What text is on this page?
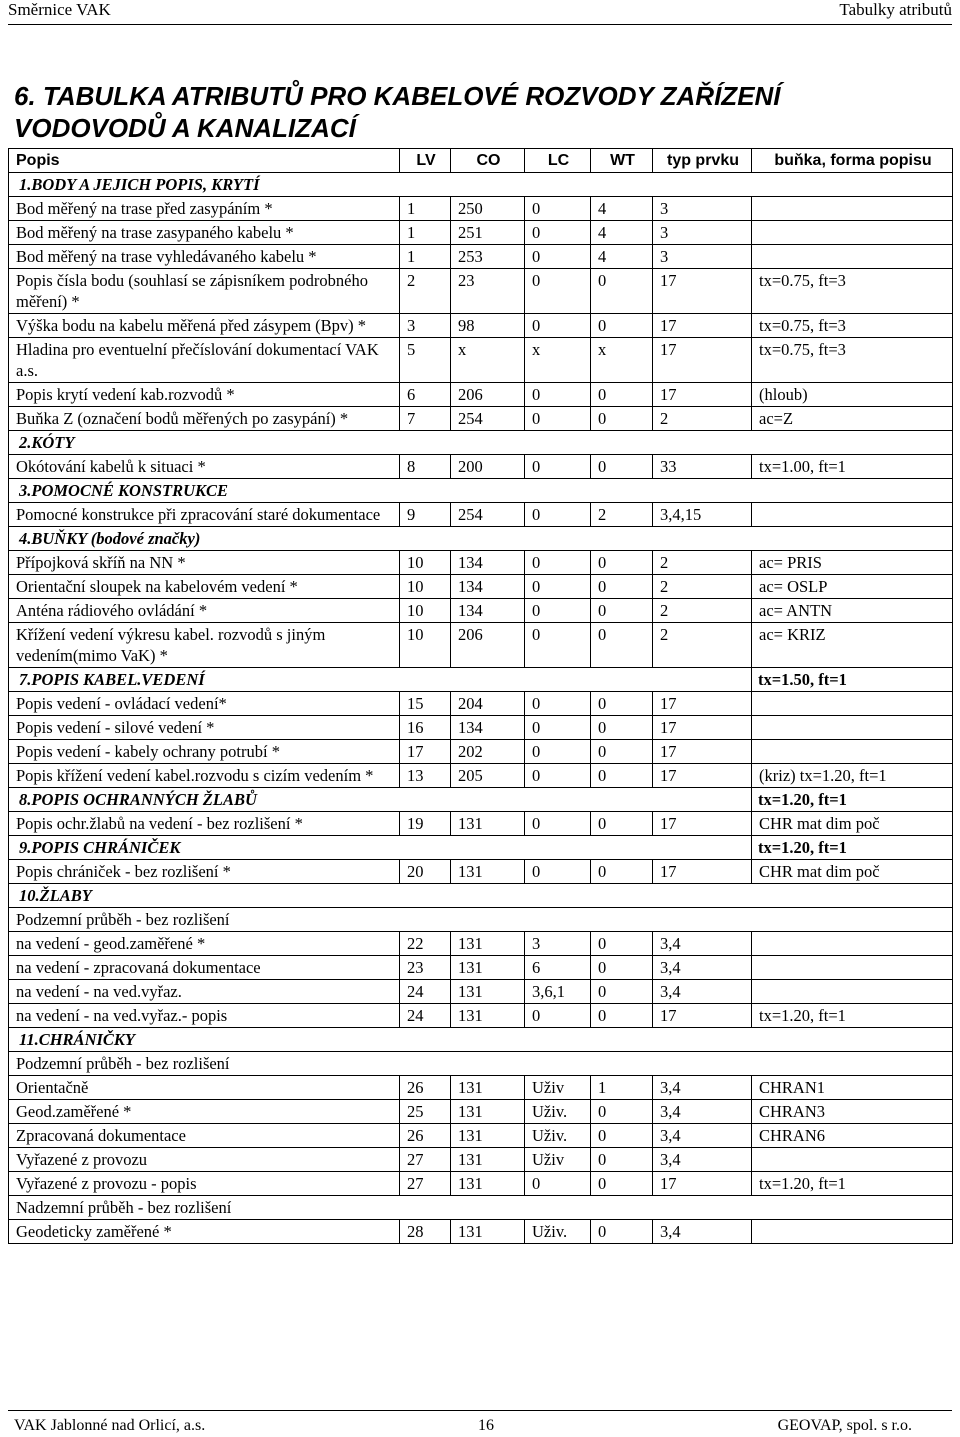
Směrnice VAK	Tabulky atributů
6. TABULKA ATRIBUTŮ PRO KABELOVÉ ROZVODY ZAŘÍZENÍ
VODOVODŮ A KANALIZACÍ
Popis	LV	CO	LC	WT	typ prvku	buňka, forma popisu
1.BODY A JEJICH POPIS, KRYTÍ						
Bod měřený na trase před zasypáním *	1	250	0	4	3	
Bod měřený na trase zasypaného kabelu *	1	251	0	4	3	
Bod měřený na trase vyhledávaného kabelu *	1	253	0	4	3	
Popis čísla bodu (souhlasí se zápisníkem podrobného měření) *	2	23	0	0	17	tx=0.75, ft=3
Výška bodu na kabelu měřená před zásypem (Bpv) *	3	98	0	0	17	tx=0.75, ft=3
Hladina pro eventuelní přečíslování dokumentací VAK a.s.	5	x	x	x	17	tx=0.75, ft=3
Popis krytí vedení kab.rozvodů *	6	206	0	0	17	(hloub)
Buňka Z (označení bodů měřených po zasypání) *	7	254	0	0	2	ac=Z
2.KÓTY						
Okótování kabelů k situaci *	8	200	0	0	33	tx=1.00, ft=1
3.POMOCNÉ KONSTRUKCE						
Pomocné konstrukce při zpracování staré dokumentace	9	254	0	2	3,4,15	
4.BUŇKY (bodové značky)						
Přípojková skříň na NN *	10	134	0	0	2	ac= PRIS
Orientační sloupek na kabelovém vedení *	10	134	0	0	2	ac= OSLP
Anténa rádiového ovládání *	10	134	0	0	2	ac= ANTN
Křížení vedení výkresu kabel. rozvodů s jiným vedením(mimo VaK) *	10	206	0	0	2	ac= KRIZ
7.POPIS KABEL.VEDENÍ						tx=1.50, ft=1
Popis vedení - ovládací vedení*	15	204	0	0	17	
Popis vedení - silové vedení *	16	134	0	0	17	
Popis vedení - kabely ochrany potrubí *	17	202	0	0	17	
Popis křížení vedení kabel.rozvodu s cizím vedením *	13	205	0	0	17	(kriz) tx=1.20, ft=1
8.POPIS OCHRANNÝCH ŽLABŮ						tx=1.20, ft=1
Popis ochr.žlabů na vedení - bez rozlišení *	19	131	0	0	17	CHR mat dim poč
9.POPIS CHRÁNIČEK						tx=1.20, ft=1
Popis chrániček - bez rozlišení *	20	131	0	0	17	CHR mat dim poč
10.ŽLABY						
Podzemní průběh - bez rozlišení						
na vedení - geod.zaměřené *	22	131	3	0	3,4	
na vedení - zpracovaná dokumentace	23	131	6	0	3,4	
na vedení - na ved.vyřaz.	24	131	3,6,1	0	3,4	
na vedení - na ved.vyřaz.- popis	24	131	0	0	17	tx=1.20, ft=1
11.CHRÁNIČKY						
Podzemní průběh - bez rozlišení						
Orientačně	26	131	Uživ	1	3,4	CHRAN1
Geod.zaměřené *	25	131	Uživ.	0	3,4	CHRAN3
Zpracovaná dokumentace	26	131	Uživ.	0	3,4	CHRAN6
Vyřazené z provozu	27	131	Uživ	0	3,4	
Vyřazené z provozu - popis	27	131	0	0	17	tx=1.20, ft=1
Nadzemní průběh - bez rozlišení						
Geodeticky zaměřené *	28	131	Uživ.	0	3,4	
VAK Jablonné nad Orlicí, a.s.	16	GEOVAP, spol. s r.o.
